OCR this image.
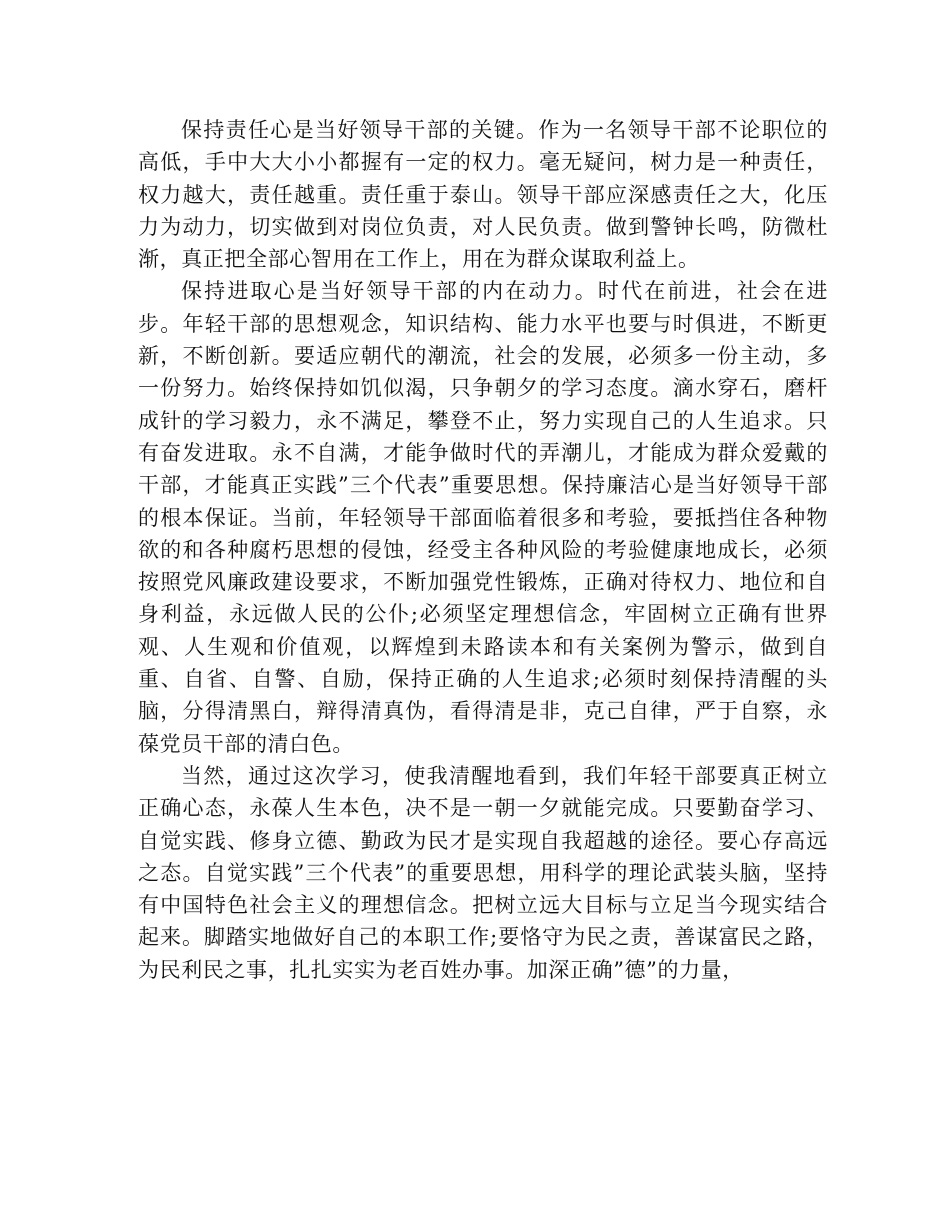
保持责任心是当好领导干部的关键。作为一名领导干部不论职位的高低，手中大大小小都握有一定的权力。毫无疑问，树力是一种责任，权力越大，责任越重。责任重于泰山。领导干部应深感责任之大，化压力为动力，切实做到对岗位负责，对人民负责。做到警钟长鸣，防微杜渐，真正把全部心智用在工作上，用在为群众谋取利益上。

保持进取心是当好领导干部的内在动力。时代在前进，社会在进步。年轻干部的思想观念，知识结构、能力水平也要与时俱进，不断更新，不断创新。要适应朝代的潮流，社会的发展，必须多一份主动，多一份努力。始终保持如饥似渴，只争朝夕的学习态度。滴水穿石，磨杆成针的学习毅力，永不满足，攀登不止，努力实现自己的人生追求。只有奋发进取。永不自满，才能争做时代的弄潮儿，才能成为群众爱戴的干部，才能真正实践”三个代表”重要思想。保持廉洁心是当好领导干部的根本保证。当前，年轻领导干部面临着很多和考验，要抵挡住各种物欲的和各种腐朽思想的侵蚀，经受主各种风险的考验健康地成长，必须按照党风廉政建设要求，不断加强党性锻炼，正确对待权力、地位和自身利益，永远做人民的公仆;必须坚定理想信念，牢固树立正确有世界观、人生观和价值观，以辉煌到未路读本和有关案例为警示，做到自重、自省、自警、自励，保持正确的人生追求;必须时刻保持清醒的头脑，分得清黑白，辩得清真伪，看得清是非，克己自律，严于自察，永葆党员干部的清白色。

当然，通过这次学习，使我清醒地看到，我们年轻干部要真正树立正确心态，永葆人生本色，决不是一朝一夕就能完成。只要勤奋学习、自觉实践、修身立德、勤政为民才是实现自我超越的途径。要心存高远之态。自觉实践”三个代表”的重要思想，用科学的理论武装头脑，坚持有中国特色社会主义的理想信念。把树立远大目标与立足当今现实结合起来。脚踏实地做好自己的本职工作;要恪守为民之责，善谋富民之路，为民利民之事，扎扎实实为老百姓办事。加深正确”德”的力量，
